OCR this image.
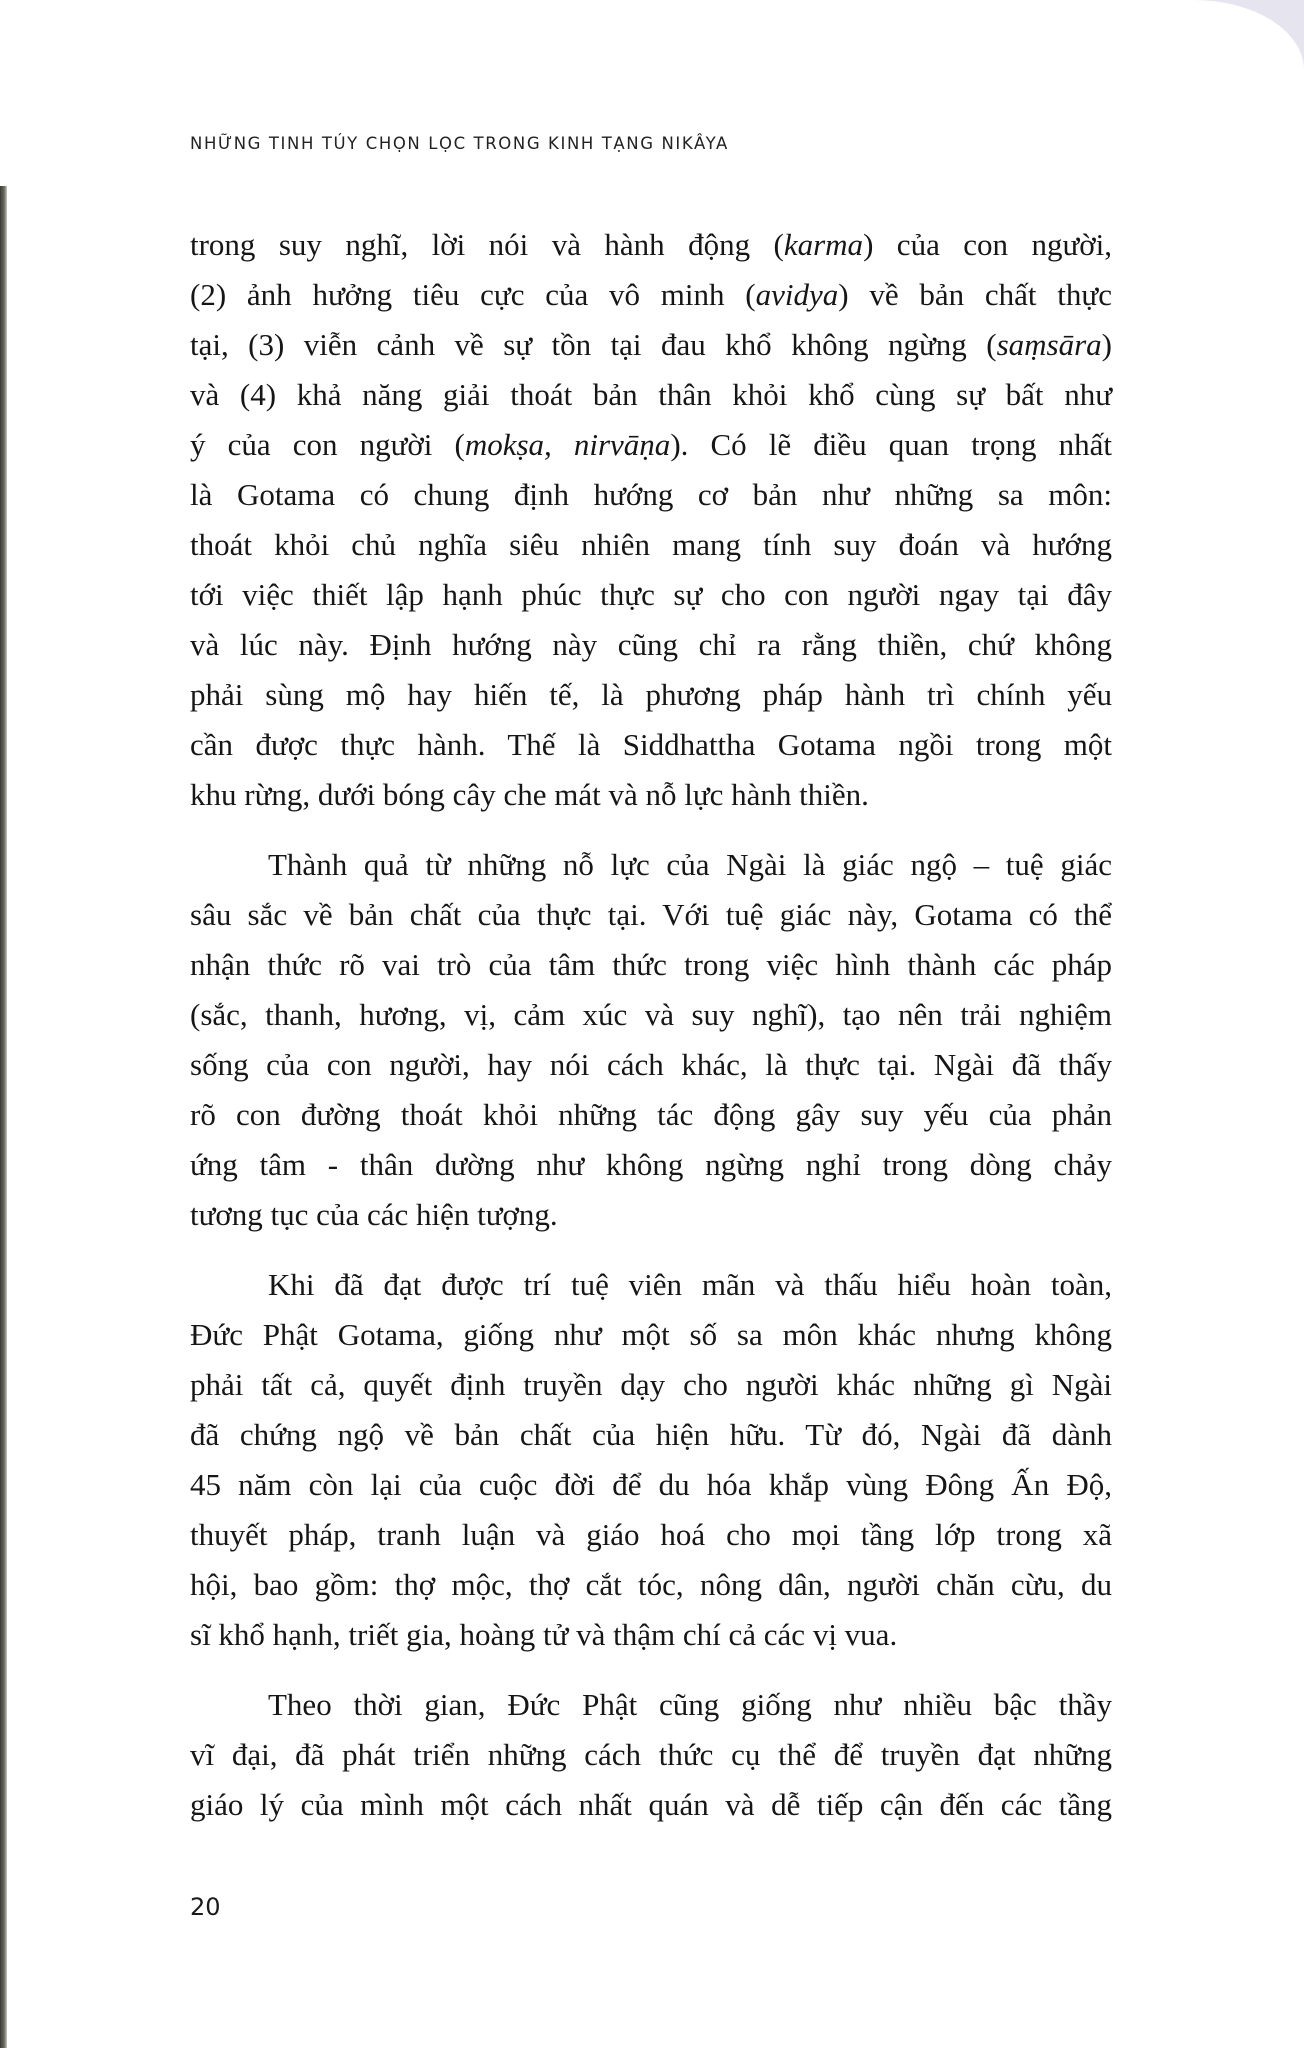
NHỮNG TINH TÚY CHỌN LỌC TRONG KINH TẠNG NIKÂYA
trong suy nghĩ, lời nói và hành động (karma) của con người,
(2) ảnh hưởng tiêu cực của vô minh (avidya) về bản chất thực
tại, (3) viễn cảnh về sự tồn tại đau khổ không ngừng (saṃsāra)
và (4) khả năng giải thoát bản thân khỏi khổ cùng sự bất như
ý của con người (mokṣa, nirvāṇa). Có lẽ điều quan trọng nhất
là Gotama có chung định hướng cơ bản như những sa môn:
thoát khỏi chủ nghĩa siêu nhiên mang tính suy đoán và hướng
tới việc thiết lập hạnh phúc thực sự cho con người ngay tại đây
và lúc này. Định hướng này cũng chỉ ra rằng thiền, chứ không
phải sùng mộ hay hiến tế, là phương pháp hành trì chính yếu
cần được thực hành. Thế là Siddhattha Gotama ngồi trong một
khu rừng, dưới bóng cây che mát và nỗ lực hành thiền.
Thành quả từ những nỗ lực của Ngài là giác ngộ – tuệ giác
sâu sắc về bản chất của thực tại. Với tuệ giác này, Gotama có thể
nhận thức rõ vai trò của tâm thức trong việc hình thành các pháp
(sắc, thanh, hương, vị, cảm xúc và suy nghĩ), tạo nên trải nghiệm
sống của con người, hay nói cách khác, là thực tại. Ngài đã thấy
rõ con đường thoát khỏi những tác động gây suy yếu của phản
ứng tâm - thân dường như không ngừng nghỉ trong dòng chảy
tương tục của các hiện tượng.
Khi đã đạt được trí tuệ viên mãn và thấu hiểu hoàn toàn,
Đức Phật Gotama, giống như một số sa môn khác nhưng không
phải tất cả, quyết định truyền dạy cho người khác những gì Ngài
đã chứng ngộ về bản chất của hiện hữu. Từ đó, Ngài đã dành
45 năm còn lại của cuộc đời để du hóa khắp vùng Đông Ấn Độ,
thuyết pháp, tranh luận và giáo hoá cho mọi tầng lớp trong xã
hội, bao gồm: thợ mộc, thợ cắt tóc, nông dân, người chăn cừu, du
sĩ khổ hạnh, triết gia, hoàng tử và thậm chí cả các vị vua.
Theo thời gian, Đức Phật cũng giống như nhiều bậc thầy
vĩ đại, đã phát triển những cách thức cụ thể để truyền đạt những
giáo lý của mình một cách nhất quán và dễ tiếp cận đến các tầng
20
